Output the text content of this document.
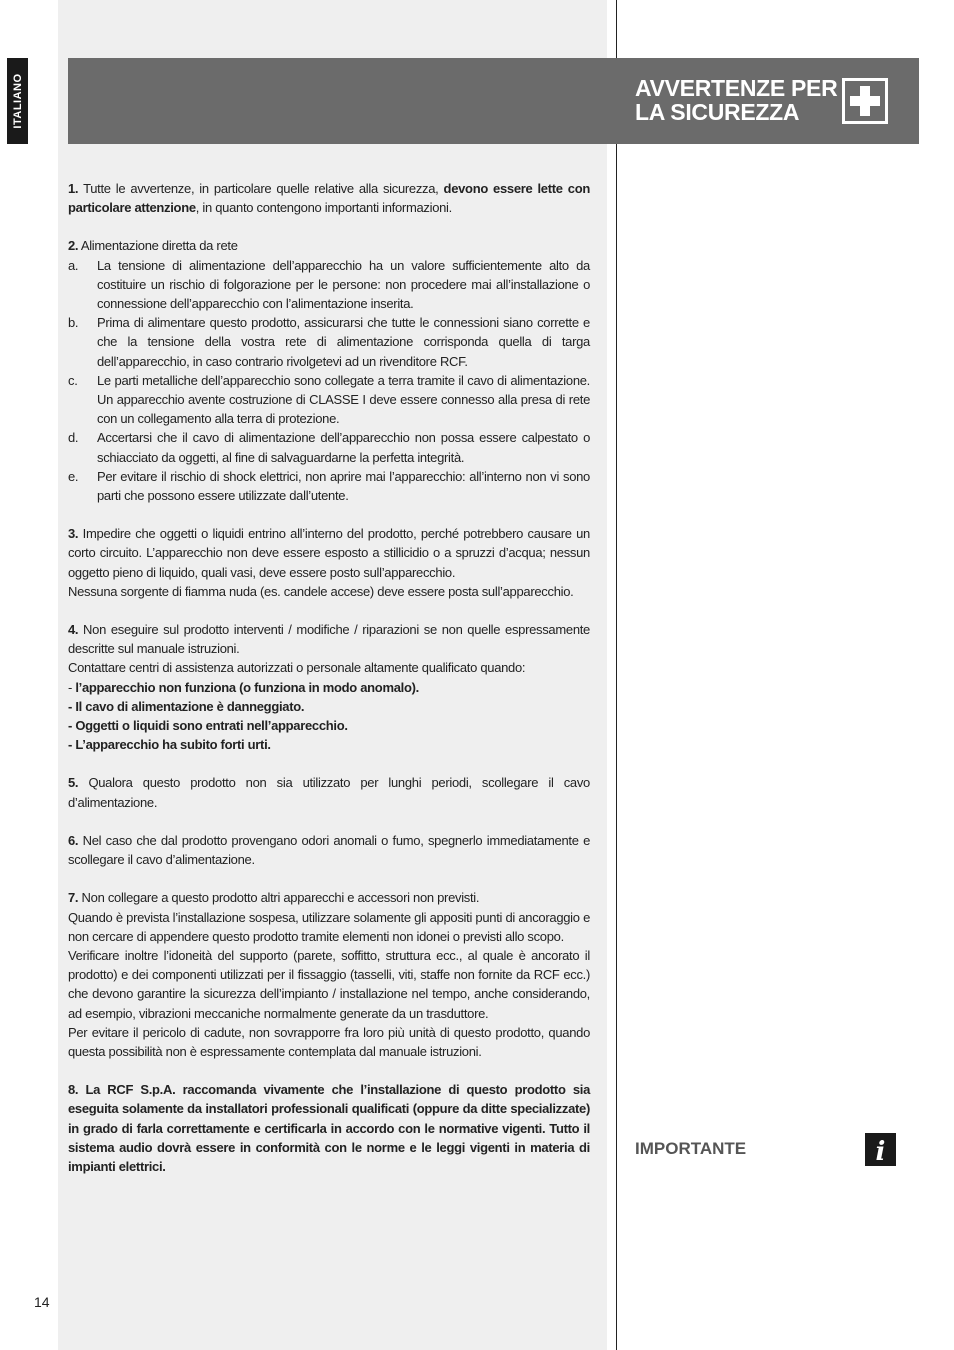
ITALIANO	AVVERTENZE PER
LA SICUREZZA

1. Tutte le avvertenze, in particolare quelle relative alla sicurezza, devono essere lette con particolare attenzione, in quanto contengono importanti informazioni.

2. Alimentazione diretta da rete

a. La tensione di alimentazione dell’apparecchio ha un valore sufficientemente alto da costituire un rischio di folgorazione per le persone: non procedere mai all’installazione o connessione dell’apparecchio con l’alimentazione inserita.
b. Prima di alimentare questo prodotto, assicurarsi che tutte le connessioni siano corrette e che la tensione della vostra rete di alimentazione corrisponda quella di targa dell’apparecchio, in caso contrario rivolgetevi ad un rivenditore RCF.
c. Le parti metalliche dell’apparecchio sono collegate a terra tramite il cavo di alimentazione. Un apparecchio avente costruzione di CLASSE I deve essere connesso alla presa di rete con un collegamento alla terra di protezione.
d. Accertarsi che il cavo di alimentazione dell’apparecchio non possa essere calpestato o schiacciato da oggetti, al fine di salvaguardarne la perfetta integrità.
e. Per evitare il rischio di shock elettrici, non aprire mai l’apparecchio: all’interno non vi sono parti che possono essere utilizzate dall’utente.

3. Impedire che oggetti o liquidi entrino all’interno del prodotto, perché potrebbero causare un corto circuito. L’apparecchio non deve essere esposto a stillicidio o a spruzzi d’acqua; nessun oggetto pieno di liquido, quali vasi, deve essere posto sull’apparecchio.

Nessuna sorgente di fiamma nuda (es. candele accese) deve essere posta sull’apparecchio.

4. Non eseguire sul prodotto interventi / modifiche / riparazioni se non quelle espressamente descritte sul manuale istruzioni.

Contattare centri di assistenza autorizzati o personale altamente qualificato quando:

- l’apparecchio non funziona (o funziona in modo anomalo).

- Il cavo di alimentazione è danneggiato.

- Oggetti o liquidi sono entrati nell’apparecchio.

- L’apparecchio ha subito forti urti.

5. Qualora questo prodotto non sia utilizzato per lunghi periodi, scollegare il cavo d’alimentazione.

6. Nel caso che dal prodotto provengano odori anomali o fumo, spegnerlo immediatamente e scollegare il cavo d’alimentazione.

7. Non collegare a questo prodotto altri apparecchi e accessori non previsti.

Quando è prevista l’installazione sospesa, utilizzare solamente gli appositi punti di ancoraggio e non cercare di appendere questo prodotto tramite elementi non idonei o previsti allo scopo.

Verificare inoltre l’idoneità del supporto (parete, soffitto, struttura ecc., al quale è ancorato il prodotto) e dei componenti utilizzati per il fissaggio (tasselli, viti, staffe non fornite da RCF ecc.) che devono garantire la sicurezza dell’impianto / installazione nel tempo, anche considerando, ad esempio, vibrazioni meccaniche normalmente generate da un trasduttore.

Per evitare il pericolo di cadute, non sovrapporre fra loro più unità di questo prodotto, quando questa possibilità non è espressamente contemplata dal manuale istruzioni.

8. La RCF S.p.A. raccomanda vivamente che l’installazione di questo prodotto sia eseguita solamente da installatori professionali qualificati (oppure da ditte specializzate) in grado di farla correttamente e certificarla in accordo con le normative vigenti. Tutto il sistema audio dovrà essere in conformità con le norme e le leggi vigenti in materia di impianti elettrici.

IMPORTANTE	i
14
